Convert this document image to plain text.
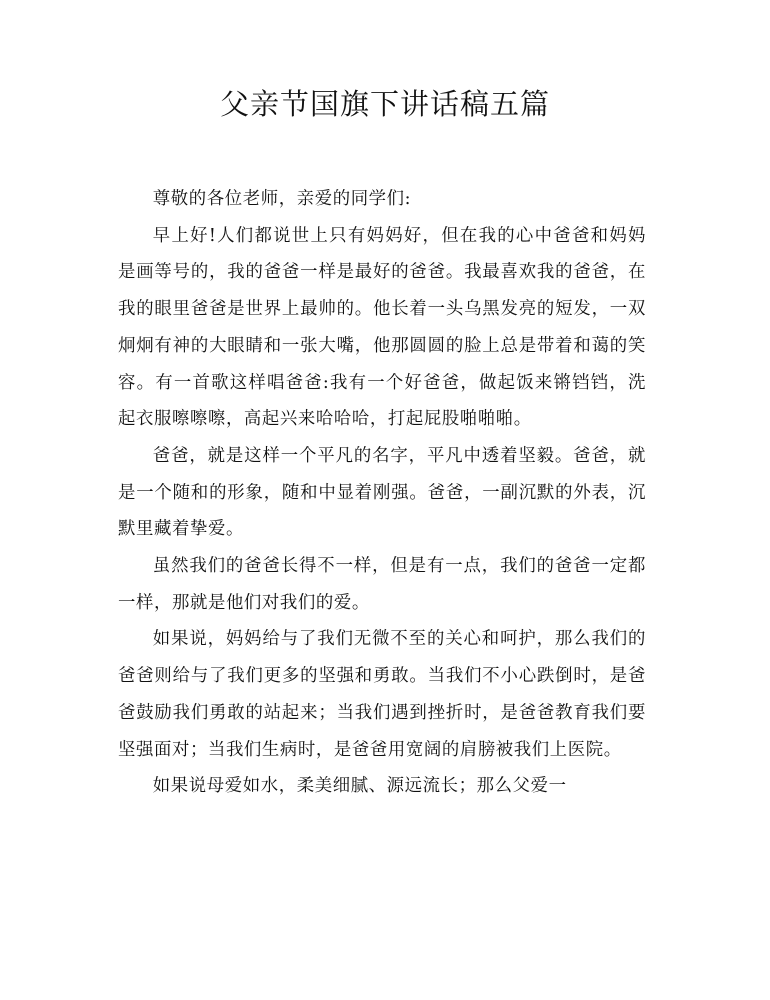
父亲节国旗下讲话稿五篇

尊敬的各位老师，亲爱的同学们:

早上好!人们都说世上只有妈妈好，但在我的心中爸爸和妈妈是画等号的，我的爸爸一样是最好的爸爸。我最喜欢我的爸爸，在我的眼里爸爸是世界上最帅的。他长着一头乌黑发亮的短发，一双炯炯有神的大眼睛和一张大嘴，他那圆圆的脸上总是带着和蔼的笑容。有一首歌这样唱爸爸:我有一个好爸爸，做起饭来锵铛铛，洗起衣服嚓嚓嚓，高起兴来哈哈哈，打起屁股啪啪啪。

爸爸，就是这样一个平凡的名字，平凡中透着坚毅。爸爸，就是一个随和的形象，随和中显着刚强。爸爸，一副沉默的外表，沉默里藏着挚爱。

虽然我们的爸爸长得不一样，但是有一点，我们的爸爸一定都一样，那就是他们对我们的爱。

如果说，妈妈给与了我们无微不至的关心和呵护，那么我们的爸爸则给与了我们更多的坚强和勇敢。当我们不小心跌倒时，是爸爸鼓励我们勇敢的站起来；当我们遇到挫折时，是爸爸教育我们要坚强面对；当我们生病时，是爸爸用宽阔的肩膀被我们上医院。

如果说母爱如水，柔美细腻、源远流长；那么父爱一
